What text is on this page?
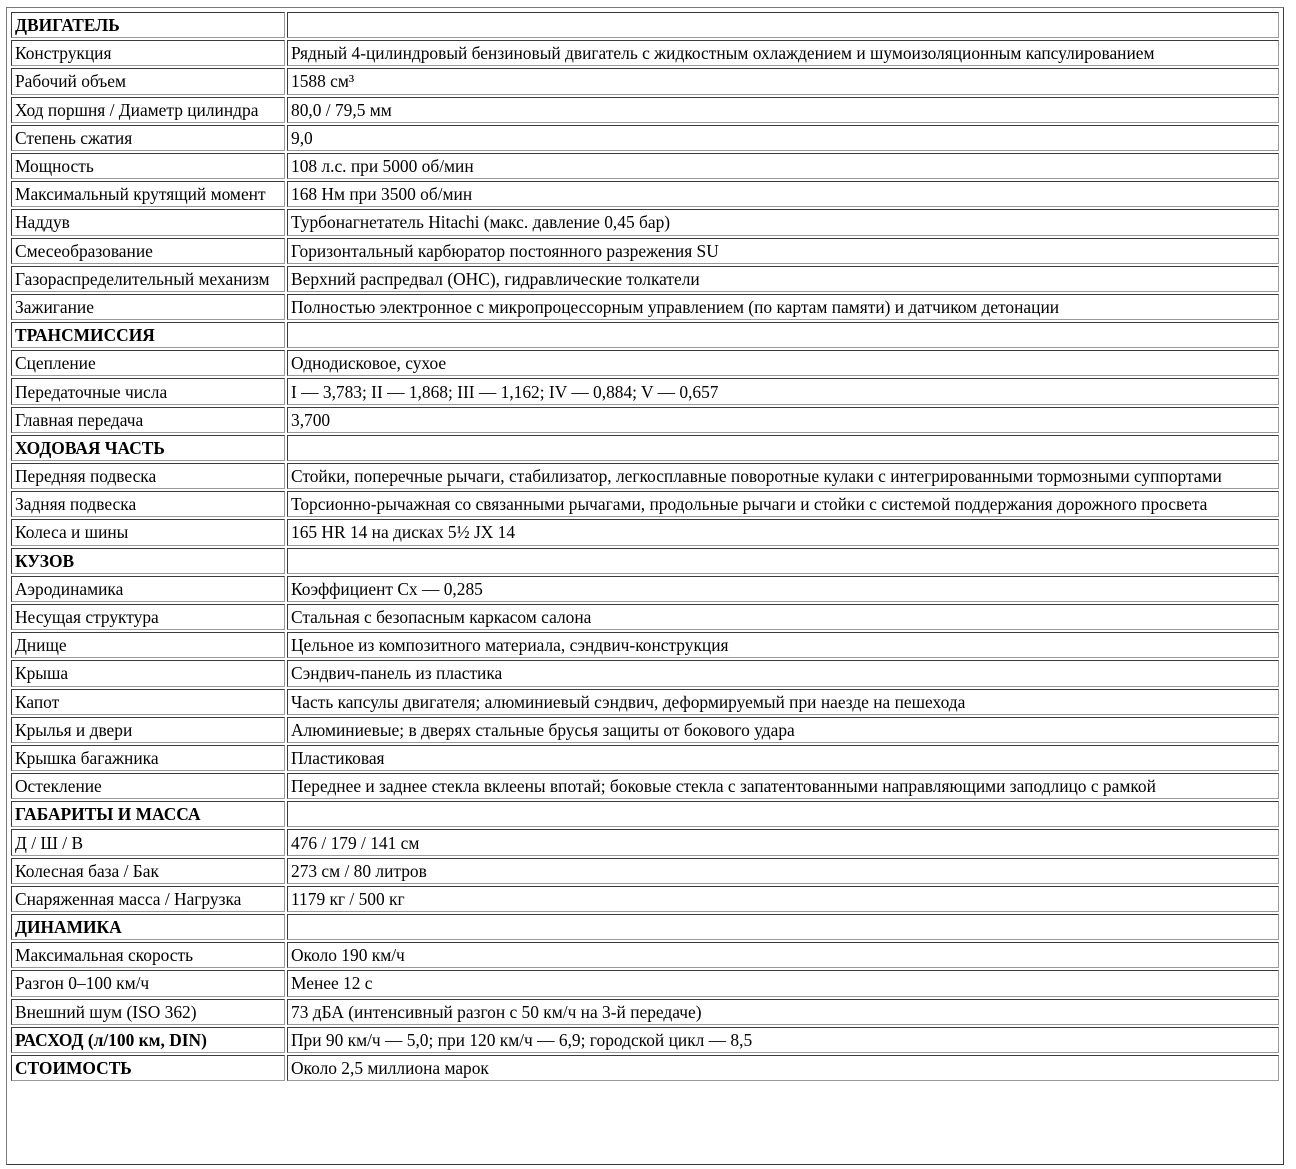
ДВИГАТЕЛЬ	
Конструкция	Рядный 4-цилиндровый бензиновый двигатель с жидкостным охлаждением и шумоизоляционным капсулированием
Рабочий объем	1588 см³
Ход поршня / Диаметр цилиндра	80,0 / 79,5 мм
Степень сжатия	9,0
Мощность	108 л.с. при 5000 об/мин
Максимальный крутящий момент	168 Нм при 3500 об/мин
Наддув	Турбонагнетатель Hitachi (макс. давление 0,45 бар)
Смесеобразование	Горизонтальный карбюратор постоянного разрежения SU
Газораспределительный механизм	Верхний распредвал (OHC), гидравлические толкатели
Зажигание	Полностью электронное с микропроцессорным управлением (по картам памяти) и датчиком детонации
ТРАНСМИССИЯ	
Сцепление	Однодисковое, сухое
Передаточные числа	I — 3,783; II — 1,868; III — 1,162; IV — 0,884; V — 0,657
Главная передача	3,700
ХОДОВАЯ ЧАСТЬ	
Передняя подвеска	Стойки, поперечные рычаги, стабилизатор, легкосплавные поворотные кулаки с интегрированными тормозными суппортами
Задняя подвеска	Торсионно-рычажная со связанными рычагами, продольные рычаги и стойки с системой поддержания дорожного просвета
Колеса и шины	165 HR 14 на дисках 5½ JX 14
КУЗОВ	
Аэродинамика	Коэффициент Cx — 0,285
Несущая структура	Стальная с безопасным каркасом салона
Днище	Цельное из композитного материала, сэндвич-конструкция
Крыша	Сэндвич-панель из пластика
Капот	Часть капсулы двигателя; алюминиевый сэндвич, деформируемый при наезде на пешехода
Крылья и двери	Алюминиевые; в дверях стальные брусья защиты от бокового удара
Крышка багажника	Пластиковая
Остекление	Переднее и заднее стекла вклеены впотай; боковые стекла с запатентованными направляющими заподлицо с рамкой
ГАБАРИТЫ И МАССА	
Д / Ш / В	476 / 179 / 141 см
Колесная база / Бак	273 см / 80 литров
Снаряженная масса / Нагрузка	1179 кг / 500 кг
ДИНАМИКА	
Максимальная скорость	Около 190 км/ч
Разгон 0–100 км/ч	Менее 12 с
Внешний шум (ISO 362)	73 дБА (интенсивный разгон с 50 км/ч на 3-й передаче)
РАСХОД (л/100 км, DIN)	При 90 км/ч — 5,0; при 120 км/ч — 6,9; городской цикл — 8,5
СТОИМОСТЬ	Около 2,5 миллиона марок
